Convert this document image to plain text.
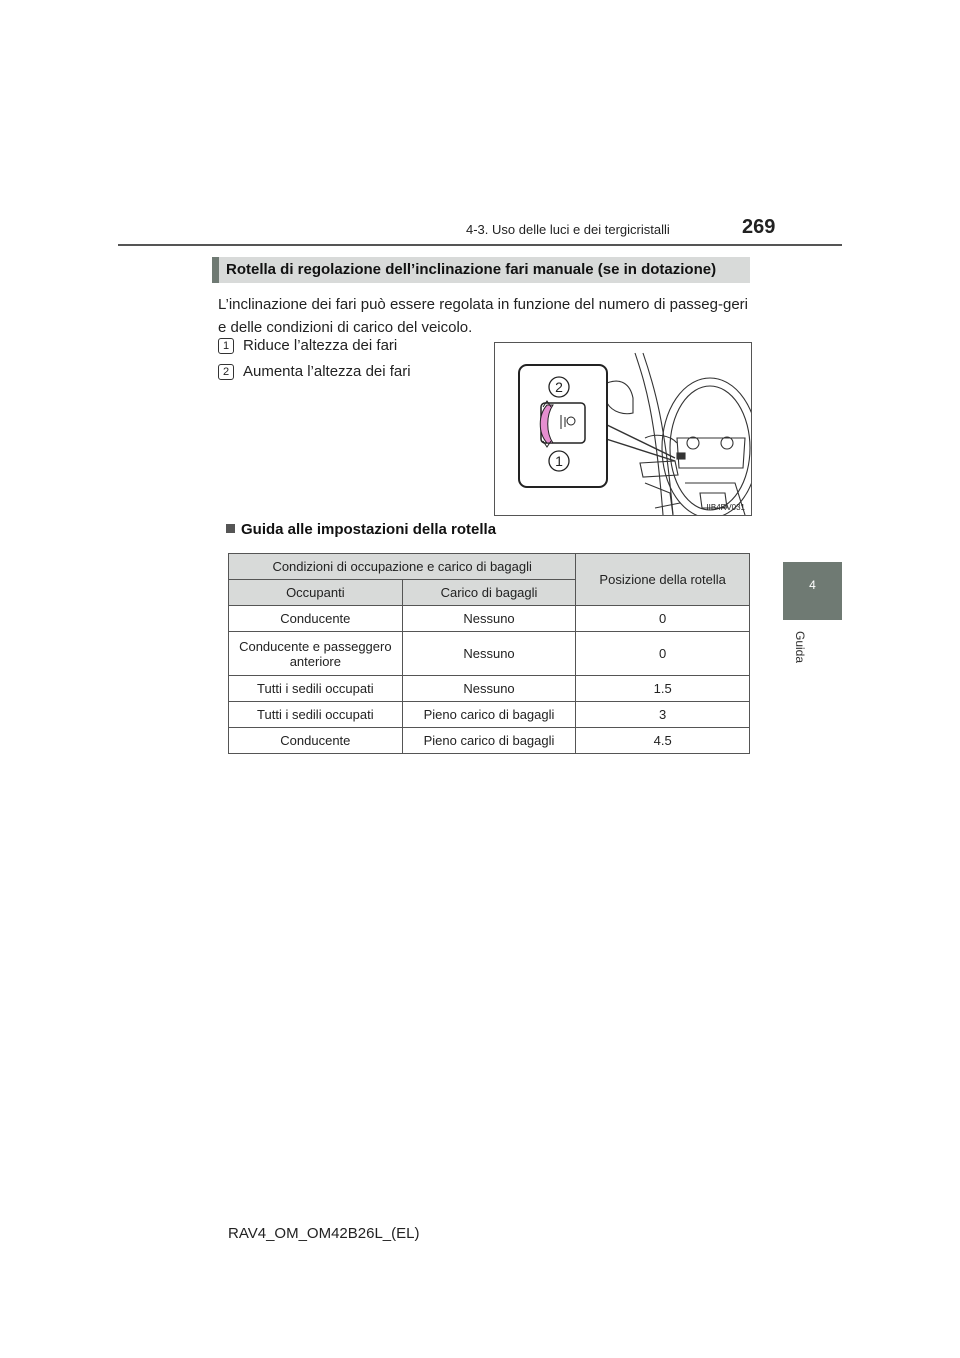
4-3. Uso delle luci e dei tergicristalli	269
4
Guida
Rotella di regolazione dell’inclinazione fari manuale (se in dotazione)
L’inclinazione dei fari può essere regolata in funzione del numero di passeg-geri e delle condizioni di carico del veicolo.
1 Riduce l’altezza dei fari
2 Aumenta l’altezza dei fari
2
1
IIB4RV031
Guida alle impostazioni della rotella
Condizioni di occupazione e carico di bagagli		Posizione della rotella
Occupanti	Carico di bagagli	
Conducente	Nessuno	0
Conducente e passeggero anteriore	Nessuno	0
Tutti i sedili occupati	Nessuno	1.5
Tutti i sedili occupati	Pieno carico di bagagli	3
Conducente	Pieno carico di bagagli	4.5
RAV4_OM_OM42B26L_(EL)
